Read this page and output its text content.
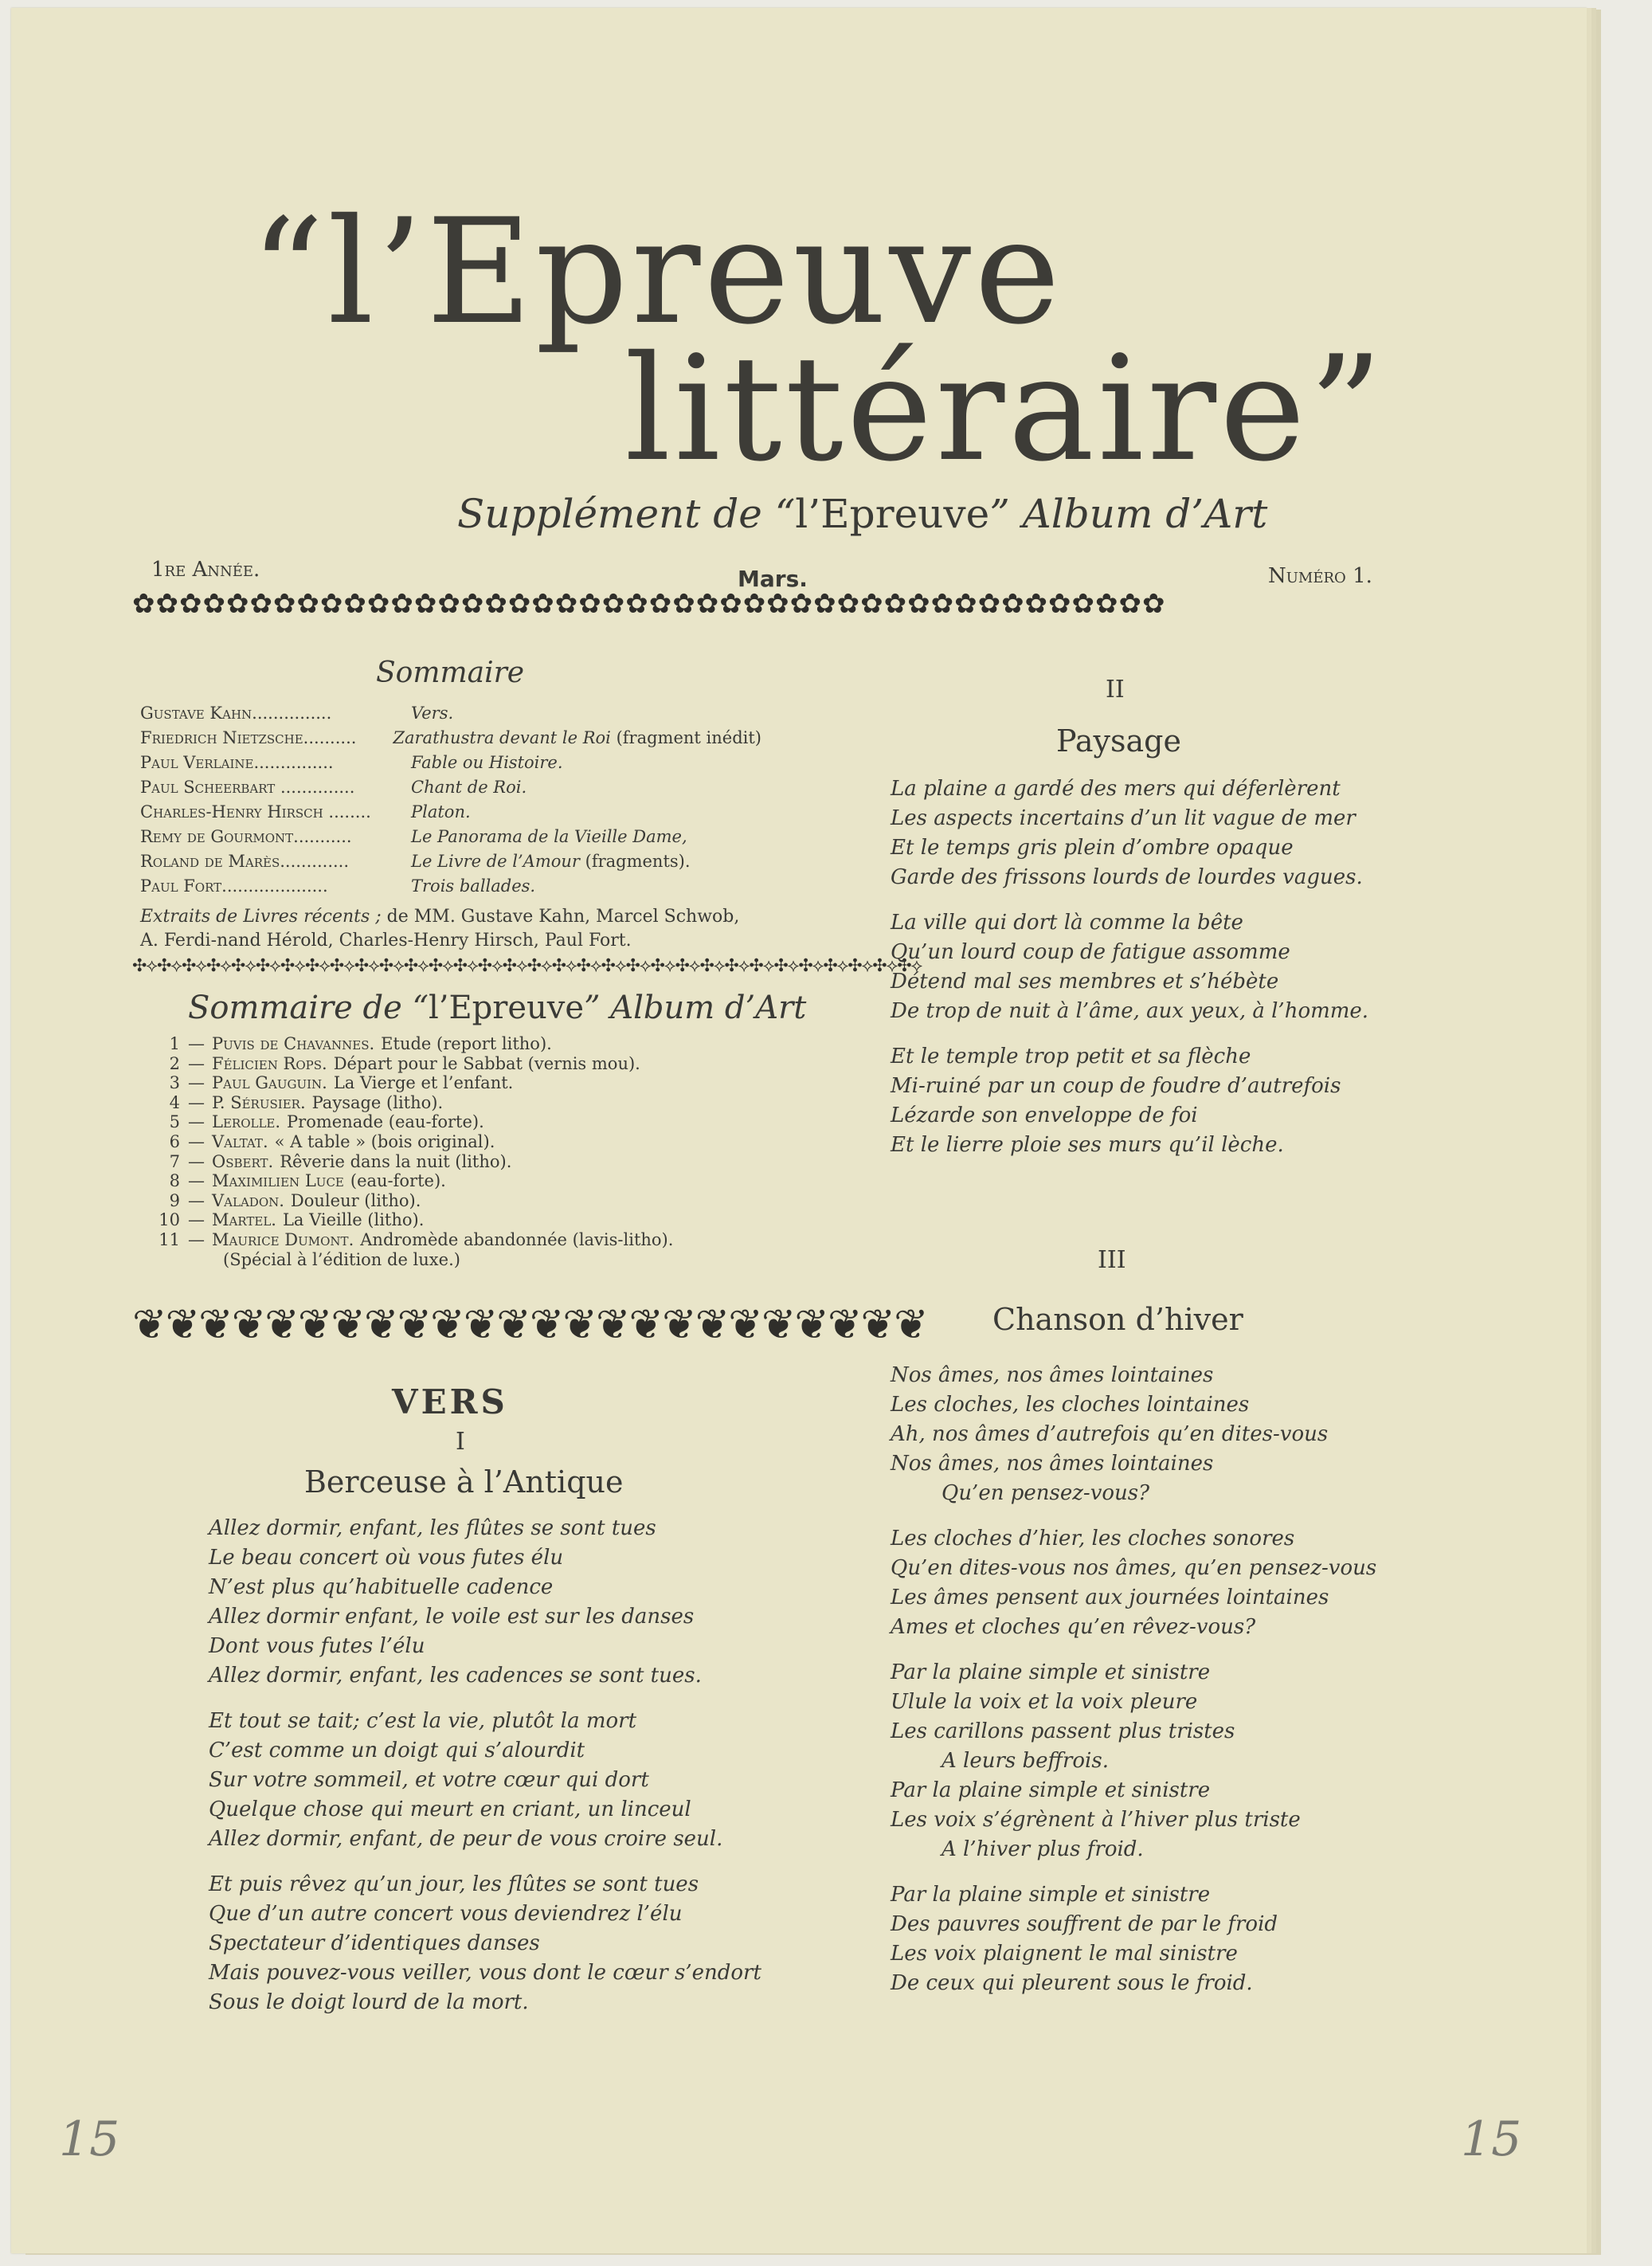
“l’Epreuve
littéraire”
Supplément de “l’Epreuve” Album d’Art
1re Année.	Mars.	Numéro 1.
✿✿✿✿✿✿✿✿✿✿✿✿✿✿✿✿✿✿✿✿✿✿✿✿✿✿✿✿✿✿✿✿✿✿✿✿✿✿✿✿✿✿✿✿
Sommaire
Gustave Kahn...............	Vers.
Friedrich Nietzsche..........	Zarathustra devant le Roi (fragment inédit)
Paul Verlaine...............	Fable ou Histoire.
Paul Scheerbart ..............	Chant de Roi.
Charles-Henry Hirsch ........	Platon.
Remy de Gourmont...........	Le Panorama de la Vieille Dame,
Roland de Marès.............	Le Livre de l’Amour (fragments).
Paul Fort....................	Trois ballades.
Extraits de Livres récents ; de MM. Gustave Kahn, Marcel Schwob, A. Ferdi-nand Hérold, Charles-Henry Hirsch, Paul Fort.
✣⟡✣⟡✣⟡✣⟡✣⟡✣⟡✣⟡✣⟡✣⟡✣⟡✣⟡✣⟡✣⟡✣⟡✣⟡✣⟡✣⟡✣⟡✣⟡✣⟡✣⟡✣⟡✣⟡✣⟡✣⟡✣⟡✣⟡✣⟡✣⟡✣⟡✣⟡✣⟡
Sommaire de “l’Epreuve” Album d’Art
1 — Puvis de Chavannes. Etude (report litho).
2 — Félicien Rops. Départ pour le Sabbat (vernis mou).
3 — Paul Gauguin. La Vierge et l’enfant.
4 — P. Sérusier. Paysage (litho).
5 — Lerolle. Promenade (eau-forte).
6 — Valtat. « A table » (bois original).
7 — Osbert. Rêverie dans la nuit (litho).
8 — Maximilien Luce (eau-forte).
9 — Valadon. Douleur (litho).
10 — Martel. La Vieille (litho).
11 — Maurice Dumont. Andromède abandonnée (lavis-litho).
(Spécial à l’édition de luxe.)
❦❦❦❦❦❦❦❦❦❦❦❦❦❦❦❦❦❦❦❦❦❦❦❦
VERS
I
Berceuse à l’Antique
Allez dormir, enfant, les flûtes se sont tues
Le beau concert où vous futes élu
N’est plus qu’habituelle cadence
Allez dormir enfant, le voile est sur les danses
Dont vous futes l’élu
Allez dormir, enfant, les cadences se sont tues.
Et tout se tait; c’est la vie, plutôt la mort
C’est comme un doigt qui s’alourdit
Sur votre sommeil, et votre cœur qui dort
Quelque chose qui meurt en criant, un linceul
Allez dormir, enfant, de peur de vous croire seul.
Et puis rêvez qu’un jour, les flûtes se sont tues
Que d’un autre concert vous deviendrez l’élu
Spectateur d’identiques danses
Mais pouvez-vous veiller, vous dont le cœur s’endort
Sous le doigt lourd de la mort.
II
Paysage
La plaine a gardé des mers qui déferlèrent
Les aspects incertains d’un lit vague de mer
Et le temps gris plein d’ombre opaque
Garde des frissons lourds de lourdes vagues.
La ville qui dort là comme la bête
Qu’un lourd coup de fatigue assomme
Détend mal ses membres et s’hébète
De trop de nuit à l’âme, aux yeux, à l’homme.
Et le temple trop petit et sa flèche
Mi-ruiné par un coup de foudre d’autrefois
Lézarde son enveloppe de foi
Et le lierre ploie ses murs qu’il lèche.
III
Chanson d’hiver
Nos âmes, nos âmes lointaines
Les cloches, les cloches lointaines
Ah, nos âmes d’autrefois qu’en dites-vous
Nos âmes, nos âmes lointaines
Qu’en pensez-vous?
Les cloches d’hier, les cloches sonores
Qu’en dites-vous nos âmes, qu’en pensez-vous
Les âmes pensent aux journées lointaines
Ames et cloches qu’en rêvez-vous?
Par la plaine simple et sinistre
Ulule la voix et la voix pleure
Les carillons passent plus tristes
A leurs beffrois.
Par la plaine simple et sinistre
Les voix s’égrènent à l’hiver plus triste
A l’hiver plus froid.
Par la plaine simple et sinistre
Des pauvres souffrent de par le froid
Les voix plaignent le mal sinistre
De ceux qui pleurent sous le froid.
15	15
